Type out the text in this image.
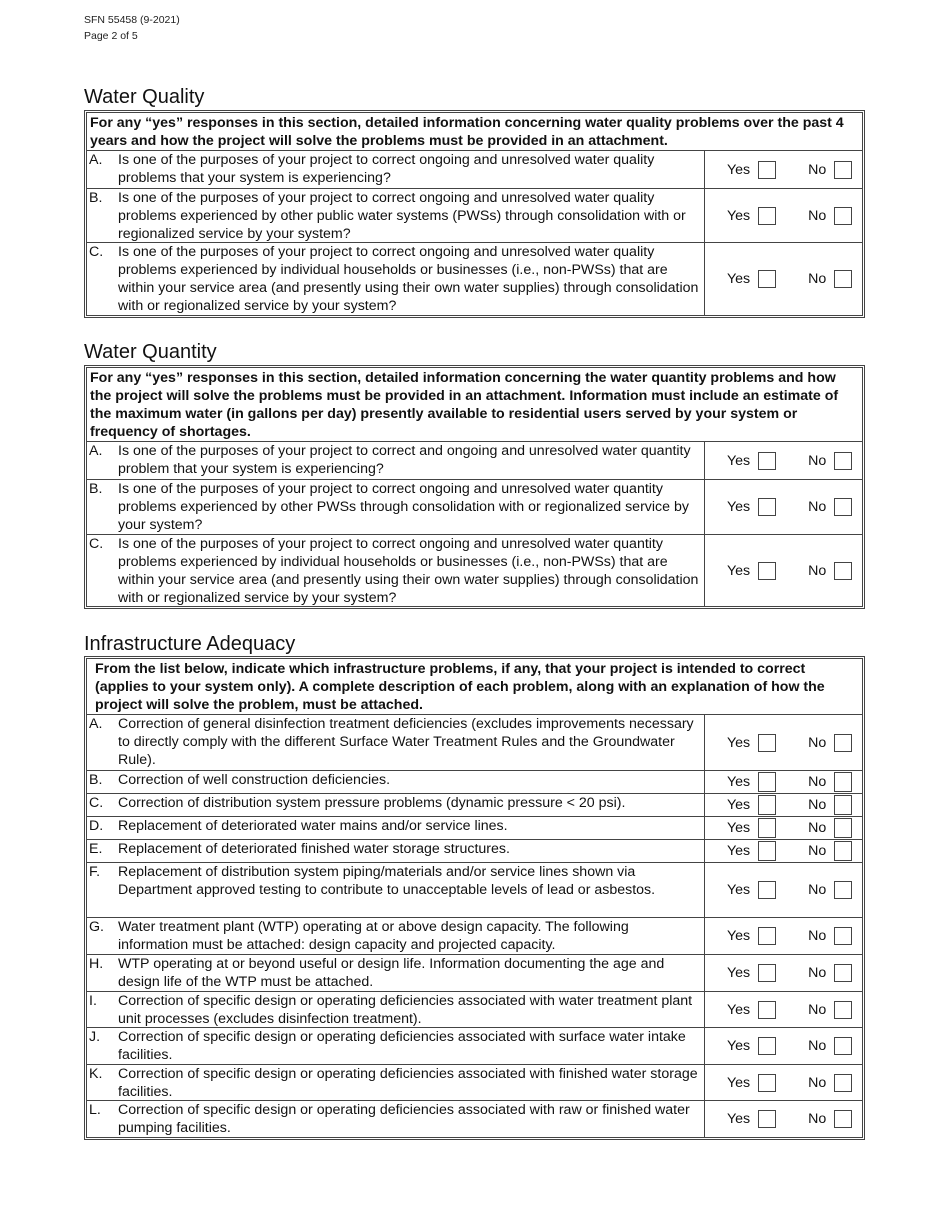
SFN 55458 (9-2021)
Page 2 of 5
Water Quality
For any “yes” responses in this section, detailed information concerning water quality problems over the past 4 years and how the project will solve the problems must be provided in an attachment.
A.	Is one of the purposes of your project to correct ongoing and unresolved water quality problems that your system is experiencing?
Yes	No
B.	Is one of the purposes of your project to correct ongoing and unresolved water quality problems experienced by other public water systems (PWSs) through consolidation with or regionalized service by your system?
Yes	No
C.	Is one of the purposes of your project to correct ongoing and unresolved water quality problems experienced by individual households or businesses (i.e., non-PWSs) that are within your service area (and presently using their own water supplies) through consolidation with or regionalized service by your system?
Yes	No
Water Quantity
For any “yes” responses in this section, detailed information concerning the water quantity problems and how the project will solve the problems must be provided in an attachment. Information must include an estimate of the maximum water (in gallons per day) presently available to residential users served by your system or frequency of shortages.
A.	Is one of the purposes of your project to correct and ongoing and unresolved water quantity problem that your system is experiencing?
Yes	No
B.	Is one of the purposes of your project to correct ongoing and unresolved water quantity problems experienced by other PWSs through consolidation with or regionalized service by your system?
Yes	No
C.	Is one of the purposes of your project to correct ongoing and unresolved water quantity problems experienced by individual households or businesses (i.e., non-PWSs) that are within your service area (and presently using their own water supplies) through consolidation with or regionalized service by your system?
Yes	No
Infrastructure Adequacy
From the list below, indicate which infrastructure problems, if any, that your project is intended to correct (applies to your system only). A complete description of each problem, along with an explanation of how the project will solve the problem, must be attached.
A.	Correction of general disinfection treatment deficiencies (excludes improvements necessary to directly comply with the different Surface Water Treatment Rules and the Groundwater Rule).
Yes	No
B.	Correction of well construction deficiencies.	Yes	No
C.	Correction of distribution system pressure problems (dynamic pressure < 20 psi).	Yes	No
D.	Replacement of deteriorated water mains and/or service lines.	Yes	No
E.	Replacement of deteriorated finished water storage structures.	Yes	No
F.	Replacement of distribution system piping/materials and/or service lines shown via Department approved testing to contribute to unacceptable levels of lead or asbestos.	Yes	No
G. Water treatment plant (WTP) operating at or above design capacity. The following information must be attached: design capacity and projected capacity.
Yes	No
H.	WTP operating at or beyond useful or design life. Information documenting the age and design life of the WTP must be attached.
Yes	No
I.	Correction of specific design or operating deficiencies associated with water treatment plant unit processes (excludes disinfection treatment).
Yes	No
J.	Correction of specific design or operating deficiencies associated with surface water intake facilities.
Yes	No
K.	Correction of specific design or operating deficiencies associated with finished water storage facilities.
Yes	No
L.	Correction of specific design or operating deficiencies associated with raw or finished water pumping facilities.
Yes	No
